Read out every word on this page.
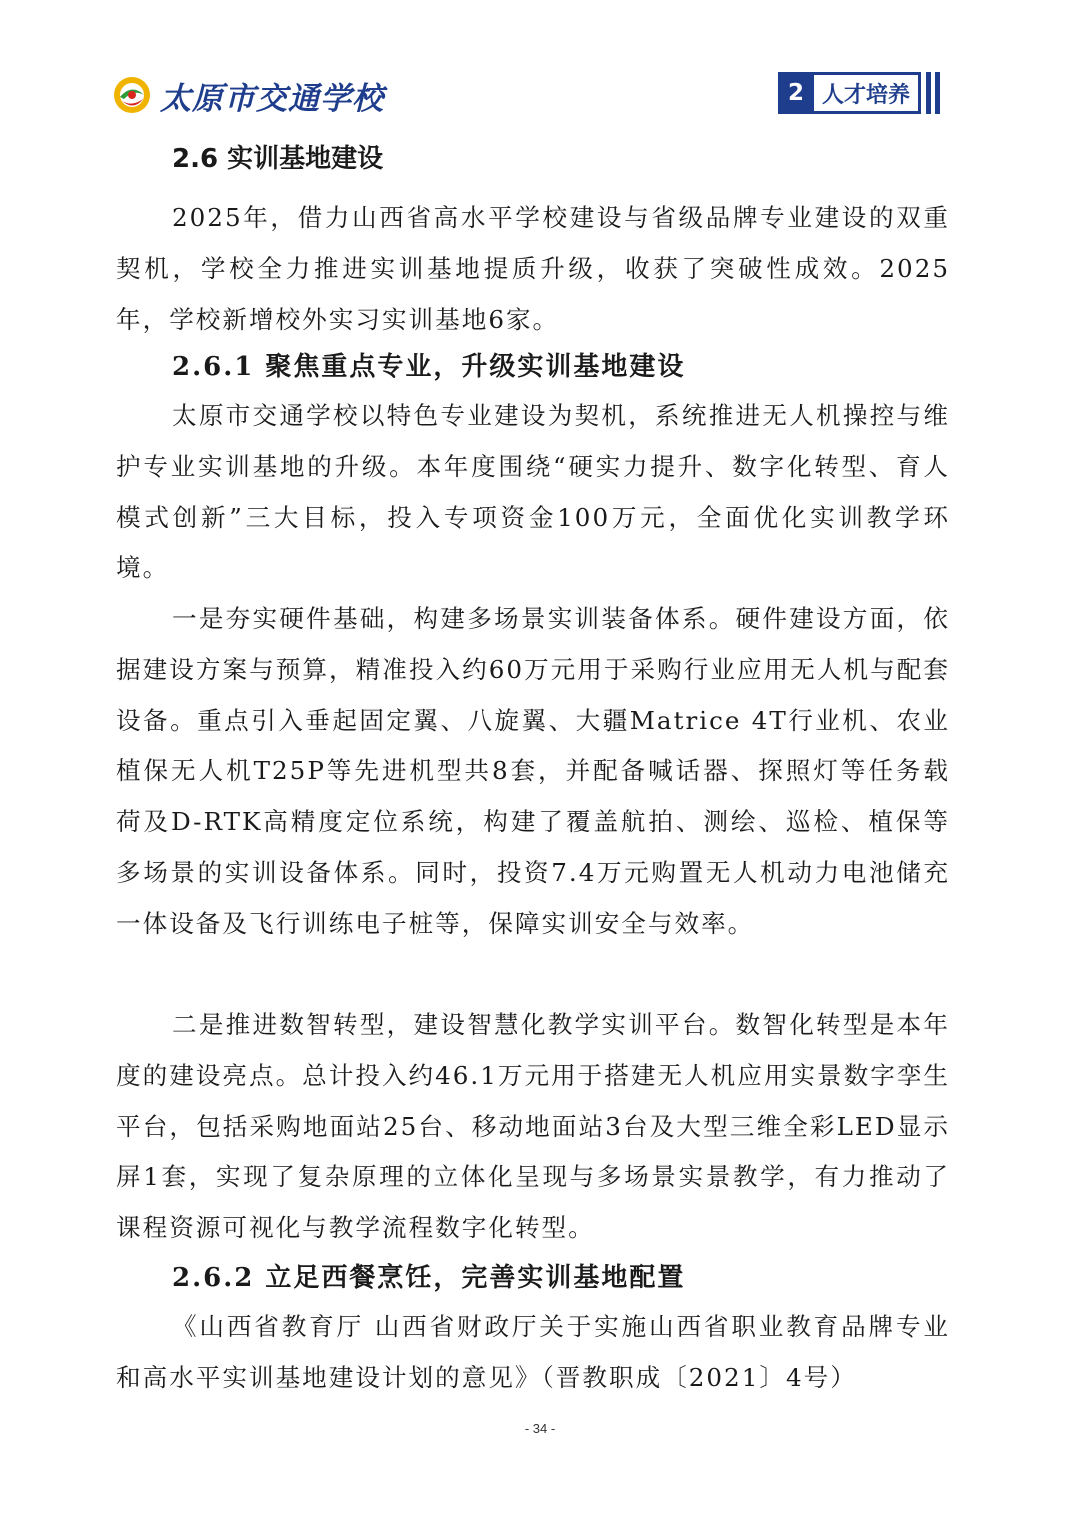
太原市交通学校	2 人才培养
2.6 实训基地建设

2025年，借力山西省高水平学校建设与省级品牌专业建设的双重契机，学校全力推进实训基地提质升级，收获了突破性成效。2025年，学校新增校外实习实训基地6家。

2.6.1 聚焦重点专业，升级实训基地建设

太原市交通学校以特色专业建设为契机，系统推进无人机操控与维护专业实训基地的升级。本年度围绕“硬实力提升、数字化转型、育人模式创新”三大目标，投入专项资金100万元，全面优化实训教学环境。

一是夯实硬件基础，构建多场景实训装备体系。硬件建设方面，依据建设方案与预算，精准投入约60万元用于采购行业应用无人机与配套设备。重点引入垂起固定翼、八旋翼、大疆Matrice 4T行业机、农业植保无人机T25P等先进机型共8套，并配备喊话器、探照灯等任务载荷及D-RTK高精度定位系统，构建了覆盖航拍、测绘、巡检、植保等多场景的实训设备体系。同时，投资7.4万元购置无人机动力电池储充一体设备及飞行训练电子桩等，保障实训安全与效率。

二是推进数智转型，建设智慧化教学实训平台。数智化转型是本年度的建设亮点。总计投入约46.1万元用于搭建无人机应用实景数字孪生平台，包括采购地面站25台、移动地面站3台及大型三维全彩LED显示屏1套，实现了复杂原理的立体化呈现与多场景实景教学，有力推动了课程资源可视化与教学流程数字化转型。

2.6.2 立足西餐烹饪，完善实训基地配置

《山西省教育厅 山西省财政厅关于实施山西省职业教育品牌专业和高水平实训基地建设计划的意见》（晋教职成〔2021〕4号）

- 34 -
